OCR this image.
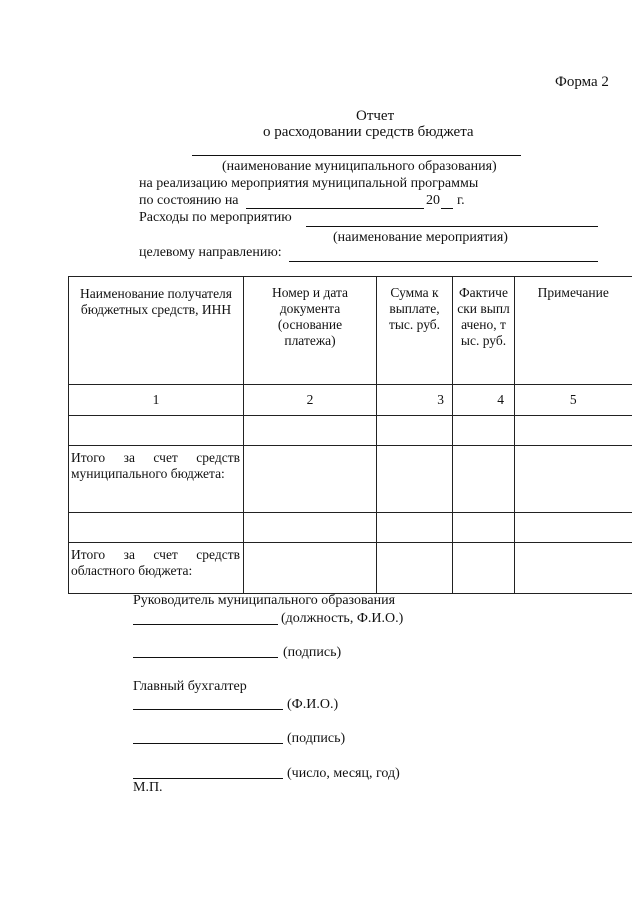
Форма 2
Отчет
о расходовании средств бюджета
(наименование муниципального образования)
на реализацию мероприятия муниципальной программы
по состоянию на	20 г.
Расходы по мероприятию
(наименование мероприятия)
целевому направлению:
Наименование получателя бюджетных средств, ИНН	Номер и дата документа (основание платежа)	Сумма к выплате, тыс. руб.	Фактически выплачено, тыс. руб.	Примечание
1	2	3	4	5

Итого за счет средств муниципального бюджета:				

Итого за счет средств областного бюджета:				
Руководитель муниципального образования
(должность, Ф.И.О.)
(подпись)
Главный бухгалтер
(Ф.И.О.)
(подпись)
(число, месяц, год)
М.П.
